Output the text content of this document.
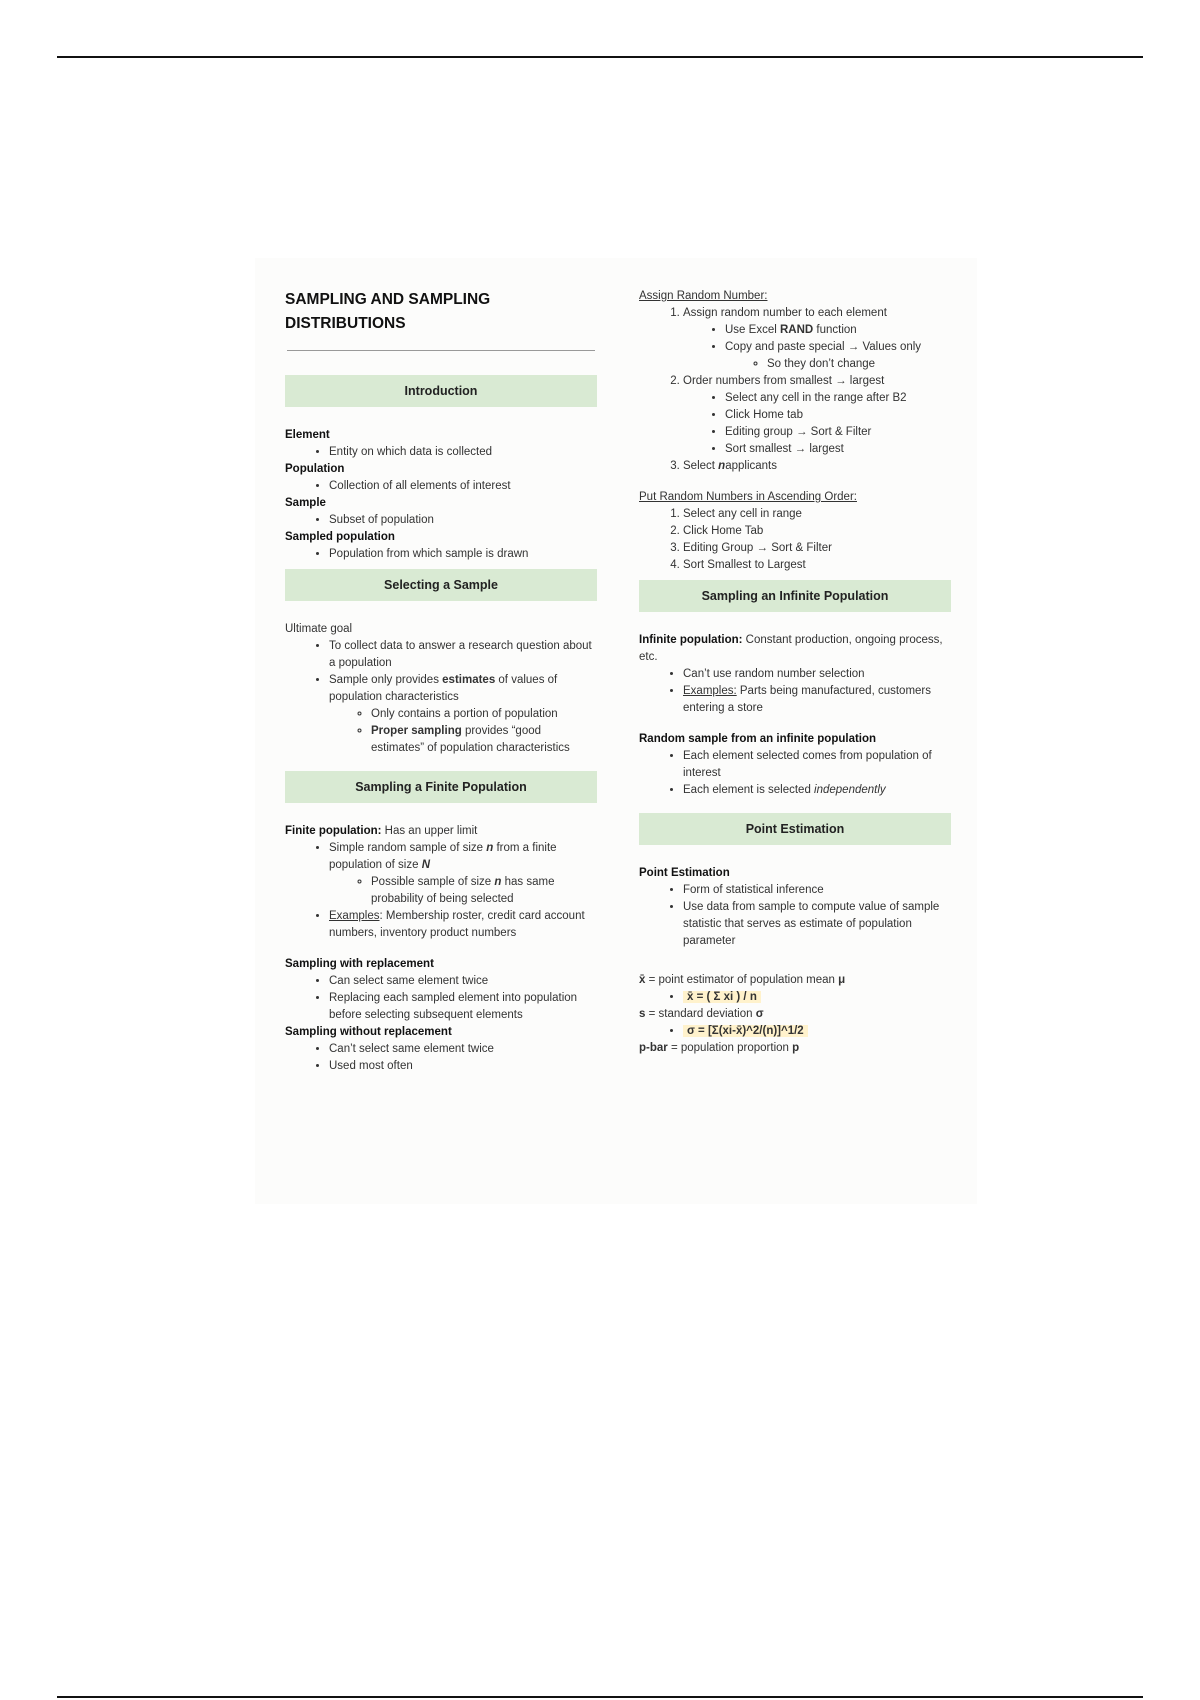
SAMPLING AND SAMPLING DISTRIBUTIONS
Introduction
Element
• Entity on which data is collected
Population
• Collection of all elements of interest
Sample
• Subset of population
Sampled population
• Population from which sample is drawn
Selecting a Sample
Ultimate goal
• To collect data to answer a research question about a population
• Sample only provides estimates of values of population characteristics
◦ Only contains a portion of population
◦ Proper sampling provides “good estimates” of population characteristics
Sampling a Finite Population
Finite population: Has an upper limit
• Simple random sample of size n from a finite population of size N
◦ Possible sample of size n has same probability of being selected
• Examples: Membership roster, credit card account numbers, inventory product numbers
Sampling with replacement
• Can select same element twice
• Replacing each sampled element into population before selecting subsequent elements
Sampling without replacement
• Can’t select same element twice
• Used most often
Assign Random Number:
1. Assign random number to each element
• Use Excel RAND function
• Copy and paste special → Values only
◦ So they don’t change
2. Order numbers from smallest → largest
• Select any cell in the range after B2
• Click Home tab
• Editing group → Sort & Filter
• Sort smallest → largest
3. Select napplicants
Put Random Numbers in Ascending Order:
1. Select any cell in range
2. Click Home Tab
3. Editing Group → Sort & Filter
4. Sort Smallest to Largest
Sampling an Infinite Population
Infinite population: Constant production, ongoing process, etc.
• Can’t use random number selection
• Examples: Parts being manufactured, customers entering a store
Random sample from an infinite population
• Each element selected comes from population of interest
• Each element is selected independently
Point Estimation
Point Estimation
• Form of statistical inference
• Use data from sample to compute value of sample statistic that serves as estimate of population parameter
x̄ = point estimator of population mean μ
• x̄ = ( Σ xi ) / n
s = standard deviation σ
• σ = [Σ(xi-x̄)^2/(n)]^1/2
p-bar = population proportion p
